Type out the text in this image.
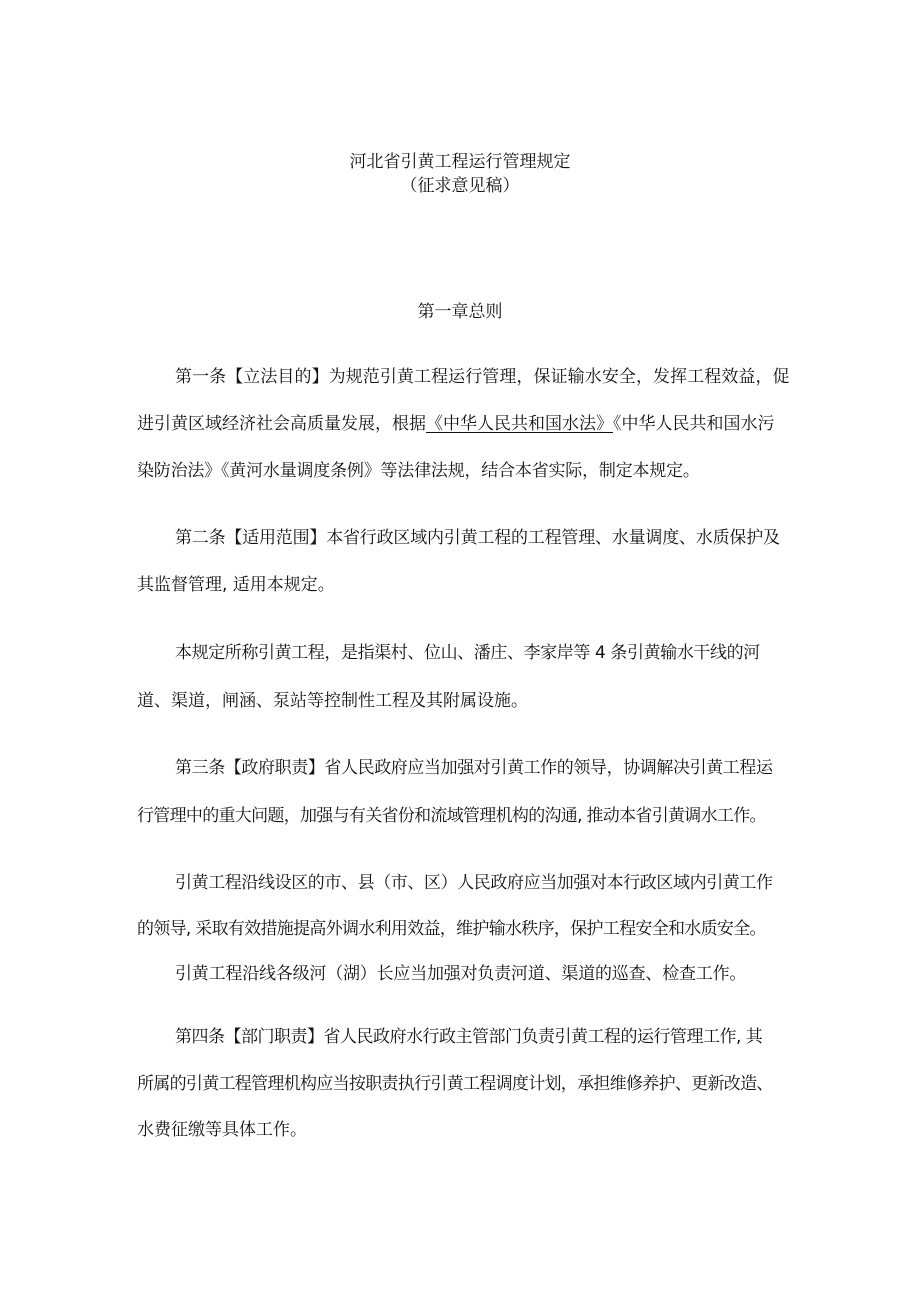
河北省引黄工程运行管理规定
（征求意见稿）
第一章总则
第一条【立法目的】为规范引黄工程运行管理，保证输水安全，发挥工程效益，促
进引黄区域经济社会高质量发展，根据《中华人民共和国水法》《中华人民共和国水污
染防治法》《黄河水量调度条例》等法律法规，结合本省实际，制定本规定。
第二条【适用范围】本省行政区域内引黄工程的工程管理、水量调度、水质保护及
其监督管理, 适用本规定。
本规定所称引黄工程，是指渠村、位山、潘庄、李家岸等 4 条引黄输水干线的河
道、渠道，闸涵、泵站等控制性工程及其附属设施。
第三条【政府职责】省人民政府应当加强对引黄工作的领导，协调解决引黄工程运
行管理中的重大问题，加强与有关省份和流域管理机构的沟通, 推动本省引黄调水工作。
引黄工程沿线设区的市、县（市、区）人民政府应当加强对本行政区域内引黄工作
的领导, 采取有效措施提高外调水利用效益，维护输水秩序，保护工程安全和水质安全。
引黄工程沿线各级河（湖）长应当加强对负责河道、渠道的巡查、检查工作。
第四条【部门职责】省人民政府水行政主管部门负责引黄工程的运行管理工作, 其
所属的引黄工程管理机构应当按职责执行引黄工程调度计划，承担维修养护、更新改造、
水费征缴等具体工作。
